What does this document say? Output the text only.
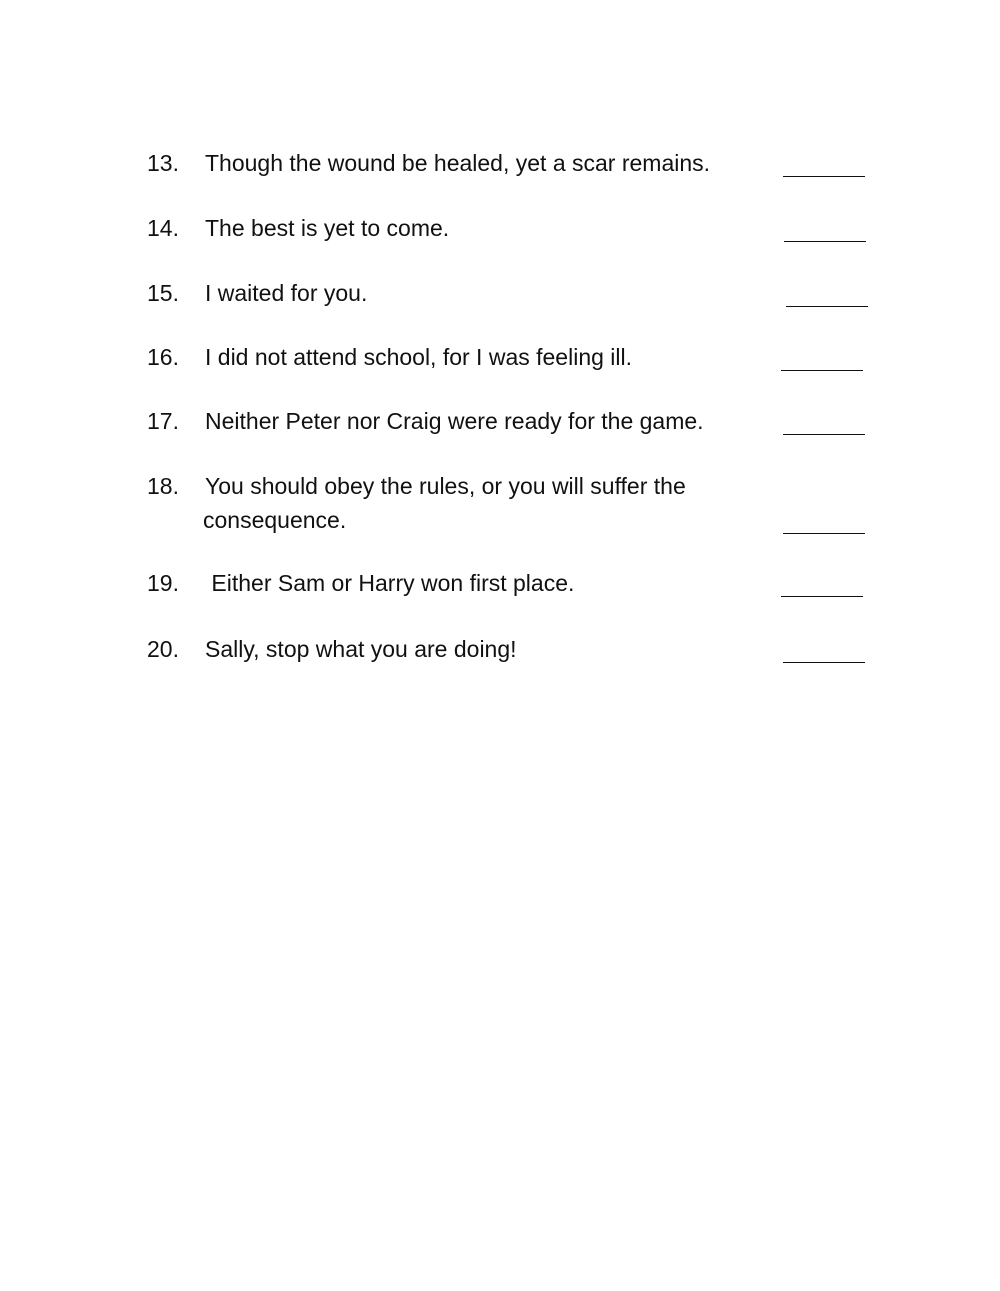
13. Though the wound be healed, yet a scar remains.
14. The best is yet to come.
15. I waited for you.
16. I did not attend school, for I was feeling ill.
17. Neither Peter nor Craig were ready for the game.
18. You should obey the rules, or you will suffer the
consequence.
19. Either Sam or Harry won first place.
20. Sally, stop what you are doing!
